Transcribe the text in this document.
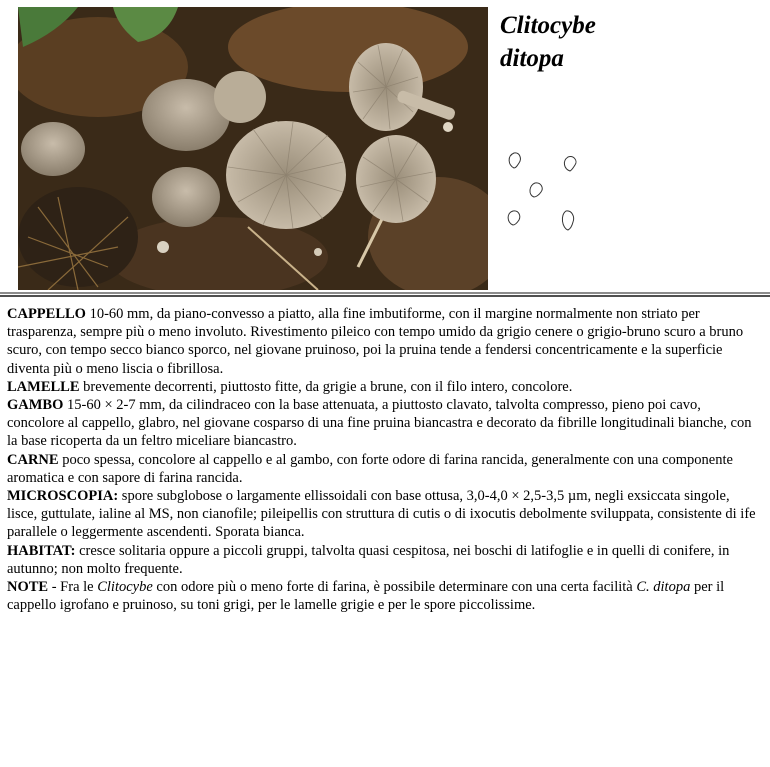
Clitocybe
ditopa

CAPPELLO 10-60 mm, da piano-convesso a piatto, alla fine imbutiforme, con il margine normalmente non striato per trasparenza, sempre più o meno involuto. Rivestimento pileico con tempo umido da grigio cenere o grigio-bruno scuro a bruno scuro, con tempo secco bianco sporco, nel giovane pruinoso, poi la pruina tende a fendersi concentricamente e la superficie diventa più o meno liscia o fibrillosa.

LAMELLE brevemente decorrenti, piuttosto fitte, da grigie a brune, con il filo intero, concolore.

GAMBO 15-60 × 2-7 mm, da cilindraceo con la base attenuata, a piuttosto clavato, talvolta compresso, pieno poi cavo, concolore al cappello, glabro, nel giovane cosparso di una fine pruina biancastra e decorato da fibrille longitudinali bianche, con la base ricoperta da un feltro miceliare biancastro.

CARNE poco spessa, concolore al cappello e al gambo, con forte odore di farina rancida, generalmente con una componente aromatica e con sapore di farina rancida.

MICROSCOPIA: spore subglobose o largamente ellissoidali con base ottusa, 3,0-4,0 × 2,5-3,5 µm, negli exsiccata singole, lisce, guttulate, ialine al MS, non cianofile; pileipellis con struttura di cutis o di ixocutis debolmente sviluppata, consistente di ife parallele o leggermente ascendenti. Sporata bianca.

HABITAT: cresce solitaria oppure a piccoli gruppi, talvolta quasi cespitosa, nei boschi di latifoglie e in quelli di conifere, in autunno; non molto frequente.

NOTE - Fra le Clitocybe con odore più o meno forte di farina, è possibile determinare con una certa facilità C. ditopa per il cappello igrofano e pruinoso, su toni grigi, per le lamelle grigie e per le spore piccolissime.
